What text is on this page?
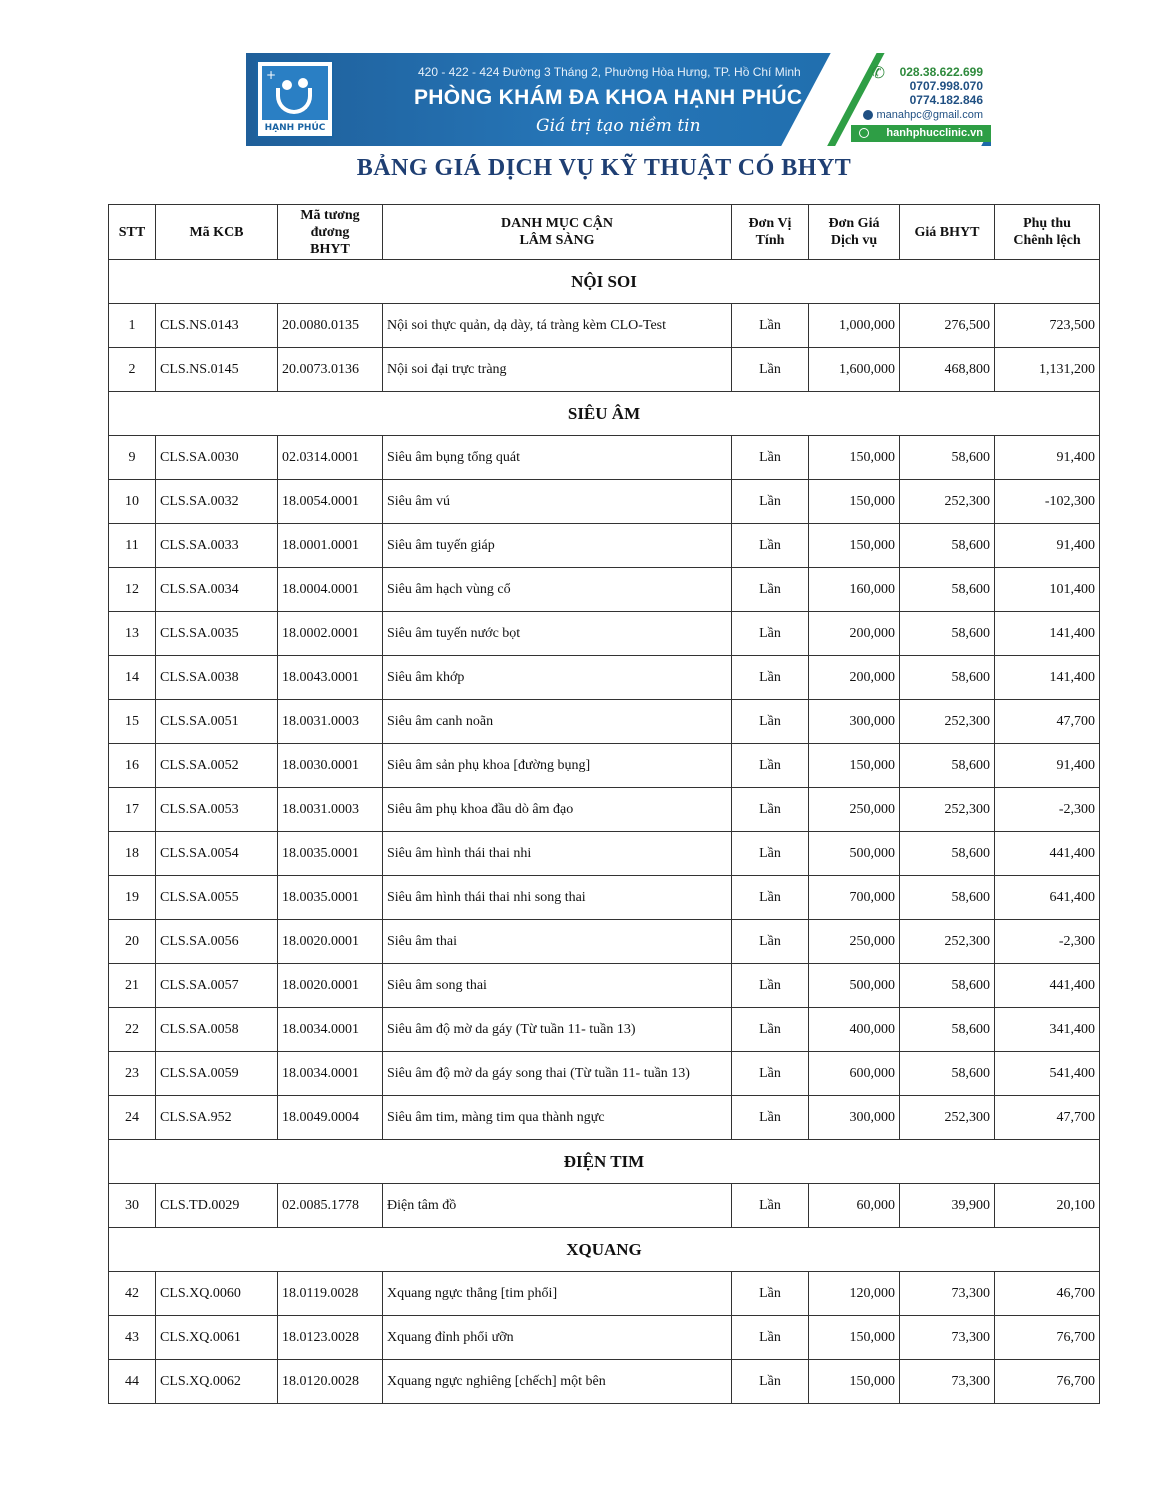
+
HẠNH PHÚC
420 - 422 - 424 Đường 3 Tháng 2, Phường Hòa Hưng, TP. Hồ Chí Minh
PHÒNG KHÁM ĐA KHOA HẠNH PHÚC
Giá trị tạo niềm tin
✆ 028.38.622.699
0707.998.070
0774.182.846
manahpc@gmail.com
hanhphucclinic.vn
BẢNG GIÁ DỊCH VỤ KỸ THUẬT CÓ BHYT
STT	Mã KCB	Mã tương đương BHYT	DANH MỤC CẬN LÂM SÀNG	Đơn Vị Tính	Đơn Giá Dịch vụ	Giá BHYT	Phụ thu Chênh lệch
NỘI SOI							
1	CLS.NS.0143	20.0080.0135	Nội soi thực quản, dạ dày, tá tràng kèm CLO-Test	Lần	1,000,000	276,500	723,500
2	CLS.NS.0145	20.0073.0136	Nội soi đại trực tràng	Lần	1,600,000	468,800	1,131,200
SIÊU ÂM							
9	CLS.SA.0030	02.0314.0001	Siêu âm bụng tổng quát	Lần	150,000	58,600	91,400
10	CLS.SA.0032	18.0054.0001	Siêu âm vú	Lần	150,000	252,300	-102,300
11	CLS.SA.0033	18.0001.0001	Siêu âm tuyến giáp	Lần	150,000	58,600	91,400
12	CLS.SA.0034	18.0004.0001	Siêu âm hạch vùng cổ	Lần	160,000	58,600	101,400
13	CLS.SA.0035	18.0002.0001	Siêu âm tuyến nước bọt	Lần	200,000	58,600	141,400
14	CLS.SA.0038	18.0043.0001	Siêu âm khớp	Lần	200,000	58,600	141,400
15	CLS.SA.0051	18.0031.0003	Siêu âm canh noãn	Lần	300,000	252,300	47,700
16	CLS.SA.0052	18.0030.0001	Siêu âm sản phụ khoa [đường bụng]	Lần	150,000	58,600	91,400
17	CLS.SA.0053	18.0031.0003	Siêu âm phụ khoa đầu dò âm đạo	Lần	250,000	252,300	-2,300
18	CLS.SA.0054	18.0035.0001	Siêu âm hình thái thai nhi	Lần	500,000	58,600	441,400
19	CLS.SA.0055	18.0035.0001	Siêu âm hình thái thai nhi song thai	Lần	700,000	58,600	641,400
20	CLS.SA.0056	18.0020.0001	Siêu âm thai	Lần	250,000	252,300	-2,300
21	CLS.SA.0057	18.0020.0001	Siêu âm song thai	Lần	500,000	58,600	441,400
22	CLS.SA.0058	18.0034.0001	Siêu âm độ mờ da gáy (Từ tuần 11- tuần 13)	Lần	400,000	58,600	341,400
23	CLS.SA.0059	18.0034.0001	Siêu âm độ mờ da gáy song thai (Từ tuần 11- tuần 13)	Lần	600,000	58,600	541,400
24	CLS.SA.952	18.0049.0004	Siêu âm tim, màng tim qua thành ngực	Lần	300,000	252,300	47,700
ĐIỆN TIM							
30	CLS.TD.0029	02.0085.1778	Điện tâm đồ	Lần	60,000	39,900	20,100
XQUANG							
42	CLS.XQ.0060	18.0119.0028	Xquang ngực thẳng [tim phổi]	Lần	120,000	73,300	46,700
43	CLS.XQ.0061	18.0123.0028	Xquang đỉnh phổi ưỡn	Lần	150,000	73,300	76,700
44	CLS.XQ.0062	18.0120.0028	Xquang ngực nghiêng [chếch] một bên	Lần	150,000	73,300	76,700
